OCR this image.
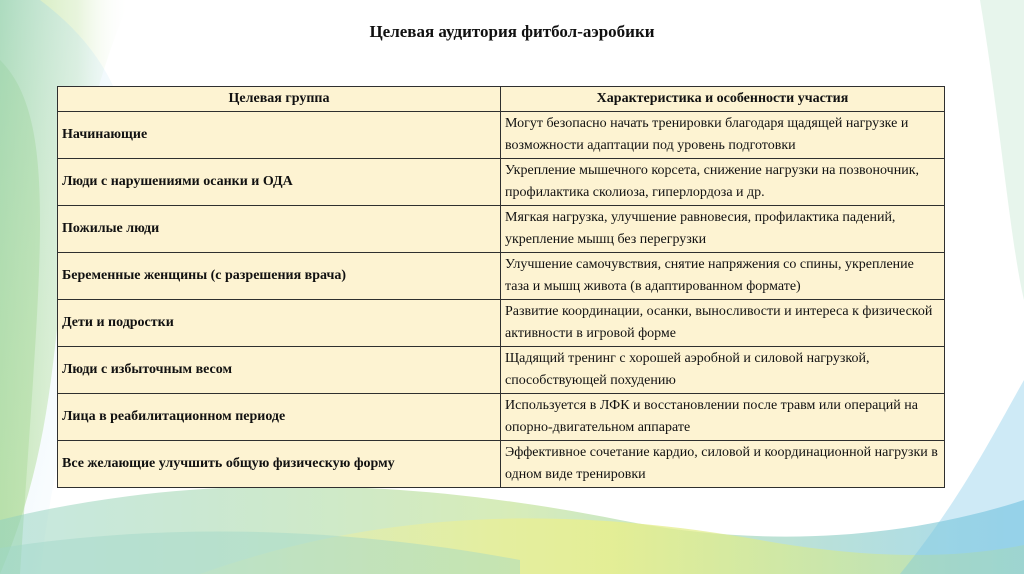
Целевая аудитория фитбол-аэробики
Целевая группа	Характеристика и особенности участия
Начинающие	Могут безопасно начать тренировки благодаря щадящей нагрузке и возможности адаптации под уровень подготовки
Люди с нарушениями осанки и ОДА	Укрепление мышечного корсета, снижение нагрузки на позвоночник, профилактика сколиоза, гиперлордоза и др.
Пожилые люди	Мягкая нагрузка, улучшение равновесия, профилактика падений, укрепление мышц без перегрузки
Беременные женщины (с разрешения врача)	Улучшение самочувствия, снятие напряжения со спины, укрепление таза и мышц живота (в адаптированном формате)
Дети и подростки	Развитие координации, осанки, выносливости и интереса к физической активности в игровой форме
Люди с избыточным весом	Щадящий тренинг с хорошей аэробной и силовой нагрузкой, способствующей похудению
Лица в реабилитационном периоде	Используется в ЛФК и восстановлении после травм или операций на опорно-двигательном аппарате
Все желающие улучшить общую физическую форму	Эффективное сочетание кардио, силовой и координационной нагрузки в одном виде тренировки
